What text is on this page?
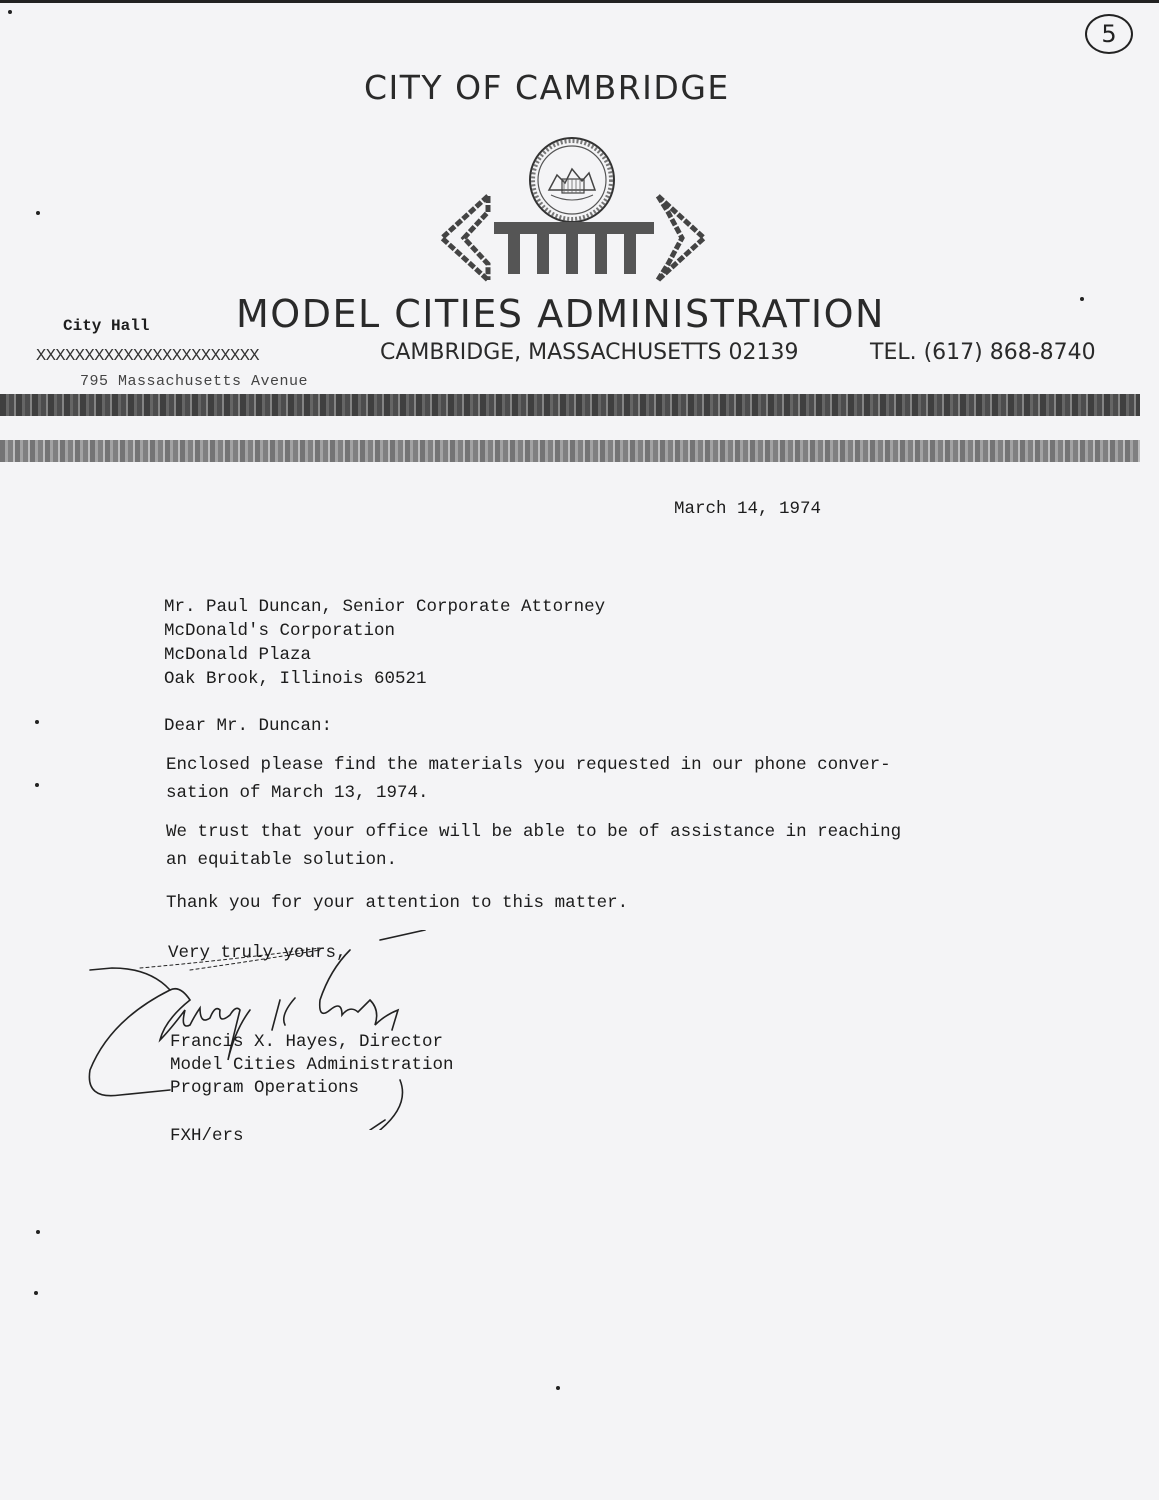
5
CITY OF CAMBRIDGE
MODEL CITIES ADMINISTRATION
City Hall
XXXXXXXXXXXXXXXXXXXXXXX
795 Massachusetts Avenue
CAMBRIDGE, MASSACHUSETTS 02139	TEL. (617) 868-8740
March 14, 1974
Mr. Paul Duncan, Senior Corporate Attorney
McDonald's Corporation
McDonald Plaza
Oak Brook, Illinois 60521
Dear Mr. Duncan:
Enclosed please find the materials you requested in our phone conver-
sation of March 13, 1974.
We trust that your office will be able to be of assistance in reaching
an equitable solution.
Thank you for your attention to this matter.
Very truly yours,
Francis X. Hayes, Director
Model Cities Administration
Program Operations
FXH/ers
